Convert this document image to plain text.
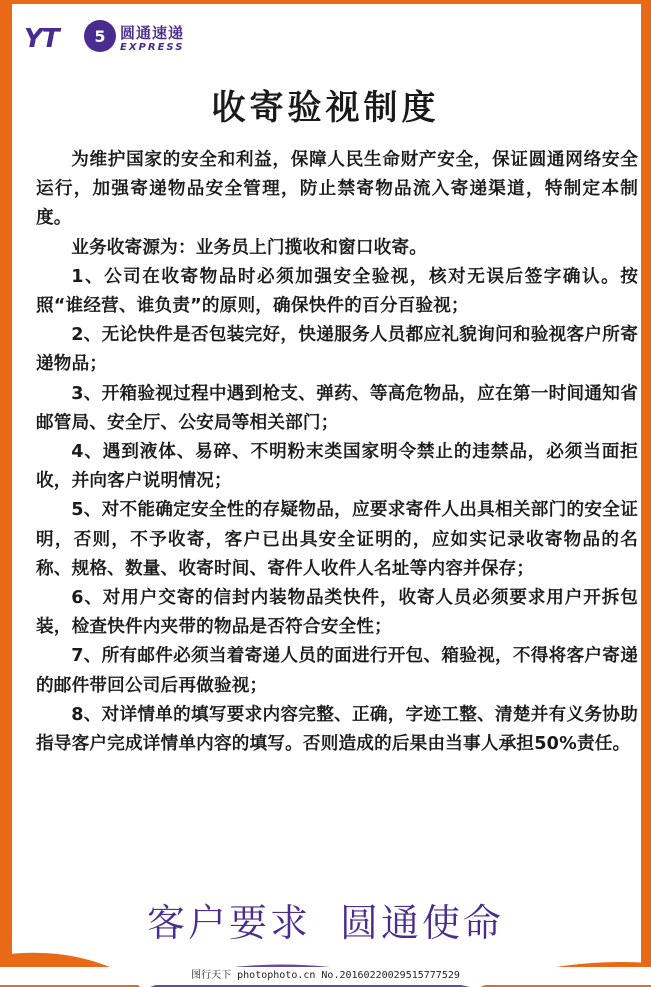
YT	5 圆通速递
EXPRESS
收寄验视制度

为维护国家的安全和利益，保障人民生命财产安全，保证圆通网络安全运行，加强寄递物品安全管理，防止禁寄物品流入寄递渠道，特制定本制度。

业务收寄源为：业务员上门揽收和窗口收寄。

1、公司在收寄物品时必须加强安全验视，核对无误后签字确认。按照“谁经营、谁负责”的原则，确保快件的百分百验视；

2、无论快件是否包装完好，快递服务人员都应礼貌询问和验视客户所寄递物品；

3、开箱验视过程中遇到枪支、弹药、等高危物品，应在第一时间通知省邮管局、安全厅、公安局等相关部门；

4、遇到液体、易碎、不明粉末类国家明令禁止的违禁品，必须当面拒收，并向客户说明情况；

5、对不能确定安全性的存疑物品，应要求寄件人出具相关部门的安全证明，否则，不予收寄，客户已出具安全证明的，应如实记录收寄物品的名称、规格、数量、收寄时间、寄件人收件人名址等内容并保存；

6、对用户交寄的信封内装物品类快件，收寄人员必须要求用户开拆包装，检查快件内夹带的物品是否符合安全性；

7、所有邮件必须当着寄递人员的面进行开包、箱验视，不得将客户寄递的邮件带回公司后再做验视；

8、对详情单的填写要求内容完整、正确，字迹工整、清楚并有义务协助指导客户完成详情单内容的填写。否则造成的后果由当事人承担50%责任。

客户要求 圆通使命
图行天下 photophoto.cn No.20160220029515777529
